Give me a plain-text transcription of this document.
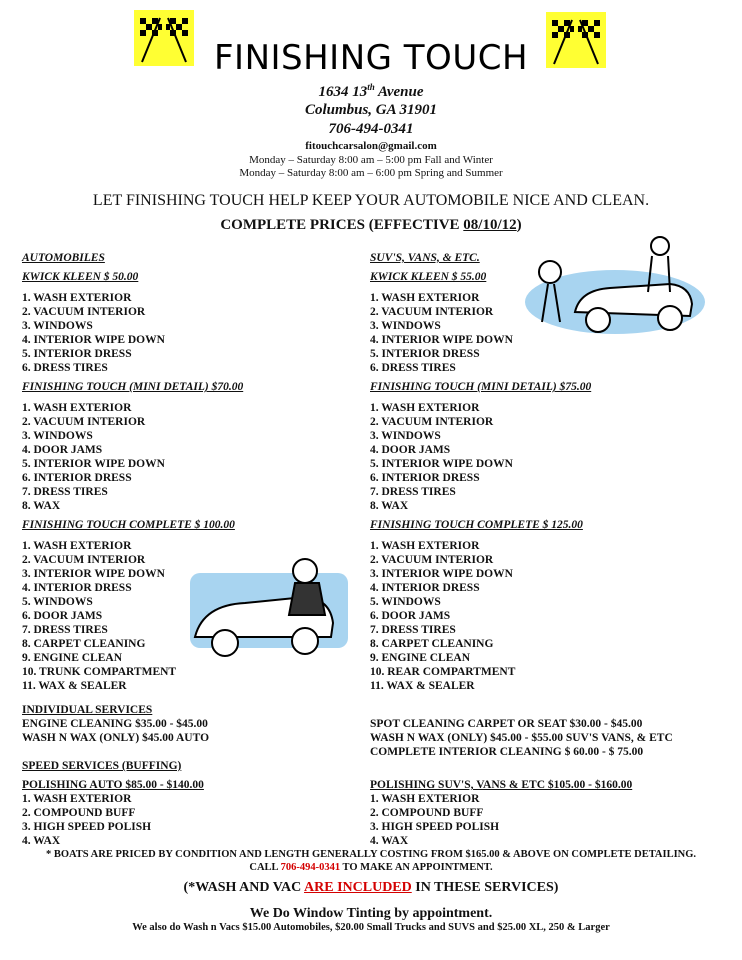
FINISHING TOUCH
1634 13th Avenue
Columbus, GA 31901
706-494-0341
fitouchcarsalon@gmail.com
Monday – Saturday 8:00 am – 5:00 pm Fall and Winter
Monday – Saturday 8:00 am – 6:00 pm Spring and Summer
LET FINISHING TOUCH HELP KEEP YOUR AUTOMOBILE NICE AND CLEAN.
COMPLETE PRICES (EFFECTIVE 08/10/12)
AUTOMOBILES
KWICK KLEEN $ 50.00
1. WASH EXTERIOR
2. VACUUM INTERIOR
3. WINDOWS
4. INTERIOR WIPE DOWN
5. INTERIOR DRESS
6. DRESS TIRES
FINISHING TOUCH (MINI DETAIL) $70.00
1. WASH EXTERIOR
2. VACUUM INTERIOR
3. WINDOWS
4. DOOR JAMS
5. INTERIOR WIPE DOWN
6. INTERIOR DRESS
7. DRESS TIRES
8. WAX
FINISHING TOUCH COMPLETE $ 100.00
1. WASH EXTERIOR
2. VACUUM INTERIOR
3. INTERIOR WIPE DOWN
4. INTERIOR DRESS
5. WINDOWS
6. DOOR JAMS
7. DRESS TIRES
8. CARPET CLEANING
9. ENGINE CLEAN
10. TRUNK COMPARTMENT
11. WAX & SEALER
SUV'S, VANS, & ETC.
KWICK KLEEN $ 55.00
1. WASH EXTERIOR
2. VACUUM INTERIOR
3. WINDOWS
4. INTERIOR WIPE DOWN
5. INTERIOR DRESS
6. DRESS TIRES
FINISHING TOUCH (MINI DETAIL) $75.00
1. WASH EXTERIOR
2. VACUUM INTERIOR
3. WINDOWS
4. DOOR JAMS
5. INTERIOR WIPE DOWN
6. INTERIOR DRESS
7. DRESS TIRES
8. WAX
FINISHING TOUCH COMPLETE $ 125.00
1. WASH EXTERIOR
2. VACUUM INTERIOR
3. INTERIOR WIPE DOWN
4. INTERIOR DRESS
5. WINDOWS
6. DOOR JAMS
7. DRESS TIRES
8. CARPET CLEANING
9. ENGINE CLEAN
10. REAR COMPARTMENT
11. WAX & SEALER
INDIVIDUAL SERVICES
ENGINE CLEANING $35.00 - $45.00
WASH N WAX (ONLY) $45.00 AUTO
SPOT CLEANING CARPET OR SEAT $30.00 - $45.00
WASH N WAX (ONLY) $45.00 - $55.00 SUV'S VANS, & ETC
COMPLETE INTERIOR CLEANING $ 60.00 - $ 75.00
SPEED SERVICES (BUFFING)
POLISHING AUTO $85.00 - $140.00
1. WASH EXTERIOR
2. COMPOUND BUFF
3. HIGH SPEED POLISH
4. WAX
POLISHING SUV'S, VANS & ETC $105.00 - $160.00
1. WASH EXTERIOR
2. COMPOUND BUFF
3. HIGH SPEED POLISH
4. WAX
* BOATS ARE PRICED BY CONDITION AND LENGTH GENERALLY COSTING FROM $165.00 & ABOVE ON COMPLETE DETAILING.
CALL 706-494-0341 TO MAKE AN APPOINTMENT.
(*WASH AND VAC ARE INCLUDED IN THESE SERVICES)
We Do Window Tinting by appointment.
We also do Wash n Vacs $15.00 Automobiles, $20.00 Small Trucks and SUVS and $25.00 XL, 250 & Larger
